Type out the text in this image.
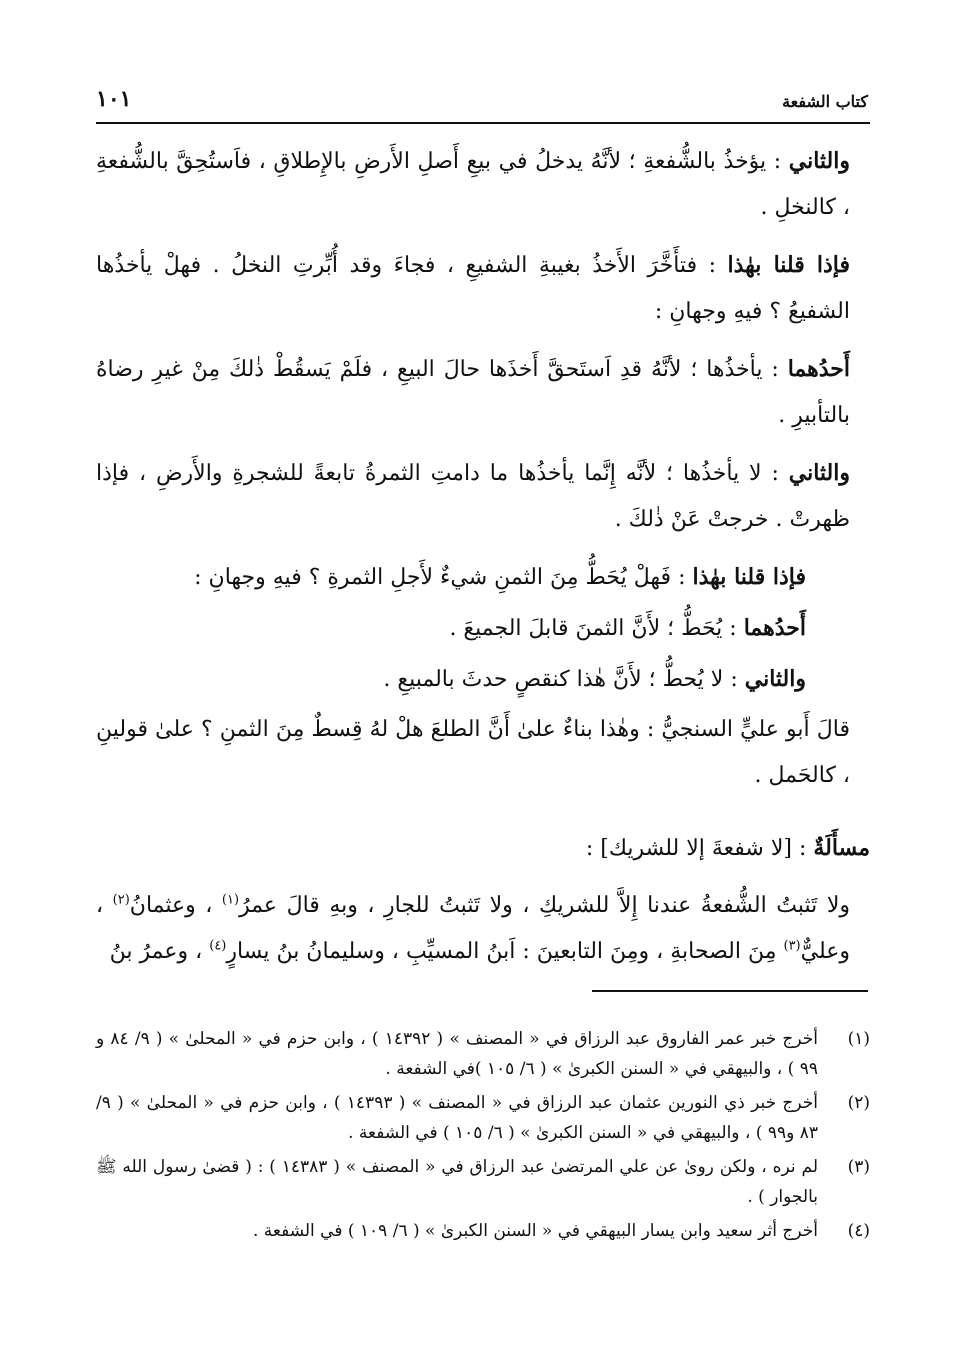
كتاب الشفعة
١٠١

والثاني : يؤخذُ بالشُّفعةِ ؛ لأنَّهُ يدخلُ في بيعِ أَصلِ الأَرضِ بالإِطلاقِ ، فاَستُحِقَّ بالشُّفعةِ ، كالنخلِ .

فإذا قلنا بهٰذا : فتأَخَّرَ الأَخذُ بغيبةِ الشفيعِ ، فجاءَ وقد أُبِّرتِ النخلُ . فهلْ يأخذُها الشفيعُ ؟ فيهِ وجهانِ :

أَحدُهما : يأخذُها ؛ لأنَّهُ قدِ اَستَحقَّ أَخذَها حالَ البيعِ ، فلَمْ يَسقُطْ ذٰلكَ مِنْ غيرِ رضاهُ بالتأبيرِ .

والثاني : لا يأخذُها ؛ لأنَّه إِنَّما يأخذُها ما دامتِ الثمرةُ تابعةً للشجرةِ والأَرضِ ، فإذا ظهرتْ . خرجتْ عَنْ ذٰلكَ .

فإذا قلنا بهٰذا : فَهلْ يُحَطُّ مِنَ الثمنِ شيءٌ لأَجلِ الثمرةِ ؟ فيهِ وجهانِ :

أَحدُهما : يُحَطُّ ؛ لأَنَّ الثمنَ قابلَ الجميعَ .

والثاني : لا يُحطُّ ؛ لأَنَّ هٰذا كنقصٍ حدثَ بالمبيعِ .

قالَ أَبو عليٍّ السنجيُّ : وهٰذا بناءٌ علىٰ أَنَّ الطلعَ هلْ لهُ قِسطٌ مِنَ الثمنِ ؟ علىٰ قولينِ ، كالحَمل .

مسأَلَةٌ : [لا شفعةَ إلا للشريك] :

ولا تَثبتُ الشُّفعةُ عندنا إِلاَّ للشريكِ ، ولا تَثبتُ للجارِ ، وبهِ قالَ عمرُ$^{(١)}$ ، وعثمانُ$^{(٢)}$ ، وعليٌّ$^{(٣)}$ مِنَ الصحابةِ ، ومِنَ التابعينَ : اَبنُ المسيِّبِ ، وسليمانُ بنُ يسارٍ$^{(٤)}$ ، وعمرُ بنُ

(١)
أخرج خبر عمر الفاروق عبد الرزاق في « المصنف » ( ١٤٣٩٢ ) ، وابن حزم في « المحلىٰ » ( ٩/ ٨٤ و ٩٩ ) ، والبيهقي في « السنن الكبرىٰ » ( ٦/ ١٠٥ )في الشفعة .
(٢)
أخرج خبر ذي النورين عثمان عبد الرزاق في « المصنف » ( ١٤٣٩٣ ) ، وابن حزم في « المحلىٰ » ( ٩/ ٨٣ و٩٩ ) ، والبيهقي في « السنن الكبرىٰ » ( ٦/ ١٠٥ ) في الشفعة .
(٣)
لم نره ، ولكن روىٰ عن علي المرتضىٰ عبد الرزاق في « المصنف » ( ١٤٣٨٣ ) : ( قضىٰ رسول الله ﷺ بالجوار ) .
(٤)
أخرج أثر سعيد وابن يسار البيهقي في « السنن الكبرىٰ » ( ٦/ ١٠٩ ) في الشفعة .
